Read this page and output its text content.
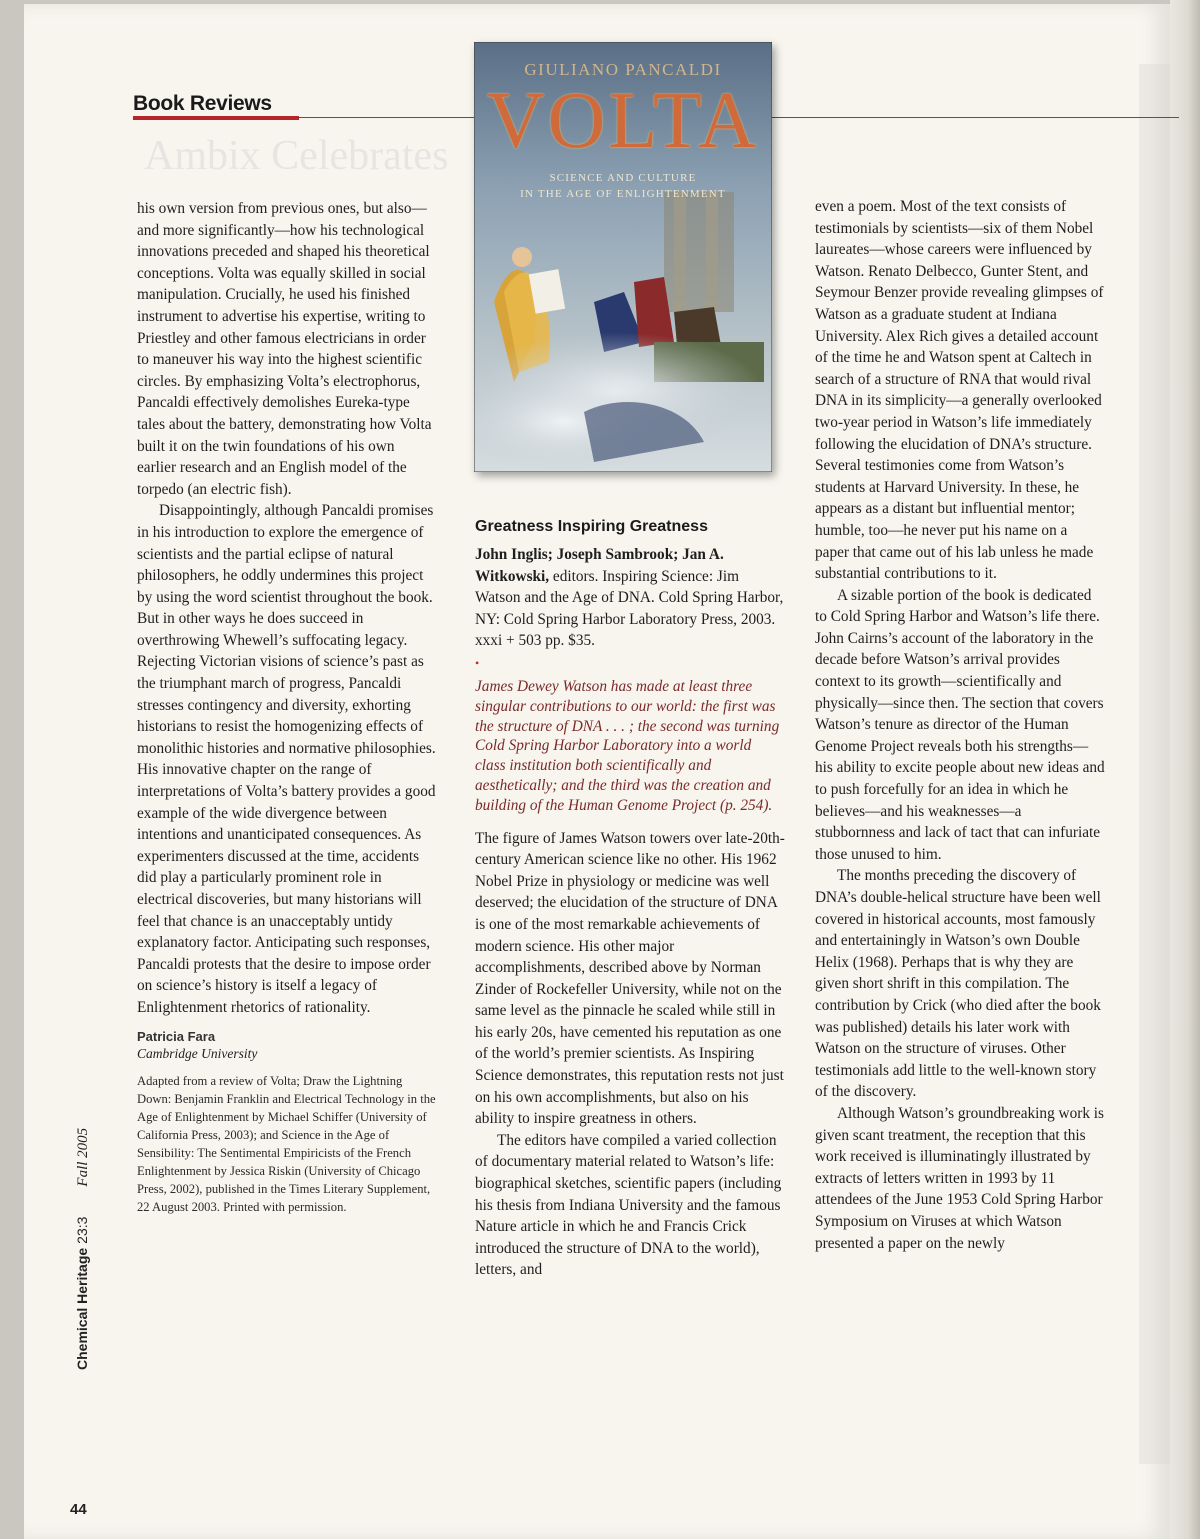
Ambix Celebrates
Book Reviews
GIULIANO PANCALDI
VOLTA
SCIENCE AND CULTURE
IN THE AGE OF ENLIGHTENMENT

his own version from previous ones, but also—and more significantly—how his technological innovations preceded and shaped his theoretical conceptions. Volta was equally skilled in social manipulation. Crucially, he used his finished instrument to advertise his expertise, writing to Priestley and other famous electricians in order to maneuver his way into the highest scientific circles. By emphasizing Volta’s electrophorus, Pancaldi effectively demolishes Eureka-type tales about the battery, demonstrating how Volta built it on the twin foundations of his own earlier research and an English model of the torpedo (an electric fish).

Disappointingly, although Pancaldi promises in his introduction to explore the emergence of scientists and the partial eclipse of natural philosophers, he oddly undermines this project by using the word scientist throughout the book. But in other ways he does succeed in overthrowing Whewell’s suffocating legacy. Rejecting Victorian visions of science’s past as the triumphant march of progress, Pancaldi stresses contingency and diversity, exhorting historians to resist the homogenizing effects of monolithic histories and normative philosophies. His innovative chapter on the range of interpretations of Volta’s battery provides a good example of the wide divergence between intentions and unanticipated consequences. As experimenters discussed at the time, accidents did play a particularly prominent role in electrical discoveries, but many historians will feel that chance is an unacceptably untidy explanatory factor. Anticipating such responses, Pancaldi protests that the desire to impose order on science’s history is itself a legacy of Enlightenment rhetorics of rationality.

Patricia Fara
Cambridge University
Adapted from a review of Volta; Draw the Lightning Down: Benjamin Franklin and Electrical Technology in the Age of Enlightenment by Michael Schiffer (University of California Press, 2003); and Science in the Age of Sensibility: The Sentimental Empiricists of the French Enlightenment by Jessica Riskin (University of Chicago Press, 2002), published in the Times Literary Supplement, 22 August 2003. Printed with permission.
Greatness Inspiring Greatness
John Inglis; Joseph Sambrook; Jan A. Witkowski, editors. Inspiring Science: Jim Watson and the Age of DNA. Cold Spring Harbor, NY: Cold Spring Harbor Laboratory Press, 2003. xxxi + 503 pp. $35.
•
James Dewey Watson has made at least three singular contributions to our world: the first was the structure of DNA . . . ; the second was turning Cold Spring Harbor Laboratory into a world class institution both scientifically and aesthetically; and the third was the creation and building of the Human Genome Project (p. 254).

The figure of James Watson towers over late-20th-century American science like no other. His 1962 Nobel Prize in physiology or medicine was well deserved; the elucidation of the structure of DNA is one of the most remarkable achievements of modern science. His other major accomplishments, described above by Norman Zinder of Rockefeller University, while not on the same level as the pinnacle he scaled while still in his early 20s, have cemented his reputation as one of the world’s premier scientists. As Inspiring Science demonstrates, this reputation rests not just on his own accomplishments, but also on his ability to inspire greatness in others.

The editors have compiled a varied collection of documentary material related to Watson’s life: biographical sketches, scientific papers (including his thesis from Indiana University and the famous Nature article in which he and Francis Crick introduced the structure of DNA to the world), letters, and

even a poem. Most of the text consists of testimonials by scientists—six of them Nobel laureates—whose careers were influenced by Watson. Renato Delbecco, Gunter Stent, and Seymour Benzer provide revealing glimpses of Watson as a graduate student at Indiana University. Alex Rich gives a detailed account of the time he and Watson spent at Caltech in search of a structure of RNA that would rival DNA in its simplicity—a generally overlooked two-year period in Watson’s life immediately following the elucidation of DNA’s structure. Several testimonies come from Watson’s students at Harvard University. In these, he appears as a distant but influential mentor; humble, too—he never put his name on a paper that came out of his lab unless he made substantial contributions to it.

A sizable portion of the book is dedicated to Cold Spring Harbor and Watson’s life there. John Cairns’s account of the laboratory in the decade before Watson’s arrival provides context to its growth—scientifically and physically—since then. The section that covers Watson’s tenure as director of the Human Genome Project reveals both his strengths—his ability to excite people about new ideas and to push forcefully for an idea in which he believes—and his weaknesses—a stubbornness and lack of tact that can infuriate those unused to him.

The months preceding the discovery of DNA’s double-helical structure have been well covered in historical accounts, most famously and entertainingly in Watson’s own Double Helix (1968). Perhaps that is why they are given short shrift in this compilation. The contribution by Crick (who died after the book was published) details his later work with Watson on the structure of viruses. Other testimonials add little to the well-known story of the discovery.

Although Watson’s groundbreaking work is given scant treatment, the reception that this work received is illuminatingly illustrated by extracts of letters written in 1993 by 11 attendees of the June 1953 Cold Spring Harbor Symposium on Viruses at which Watson presented a paper on the newly

Chemical Heritage23:3Fall 2005
44
